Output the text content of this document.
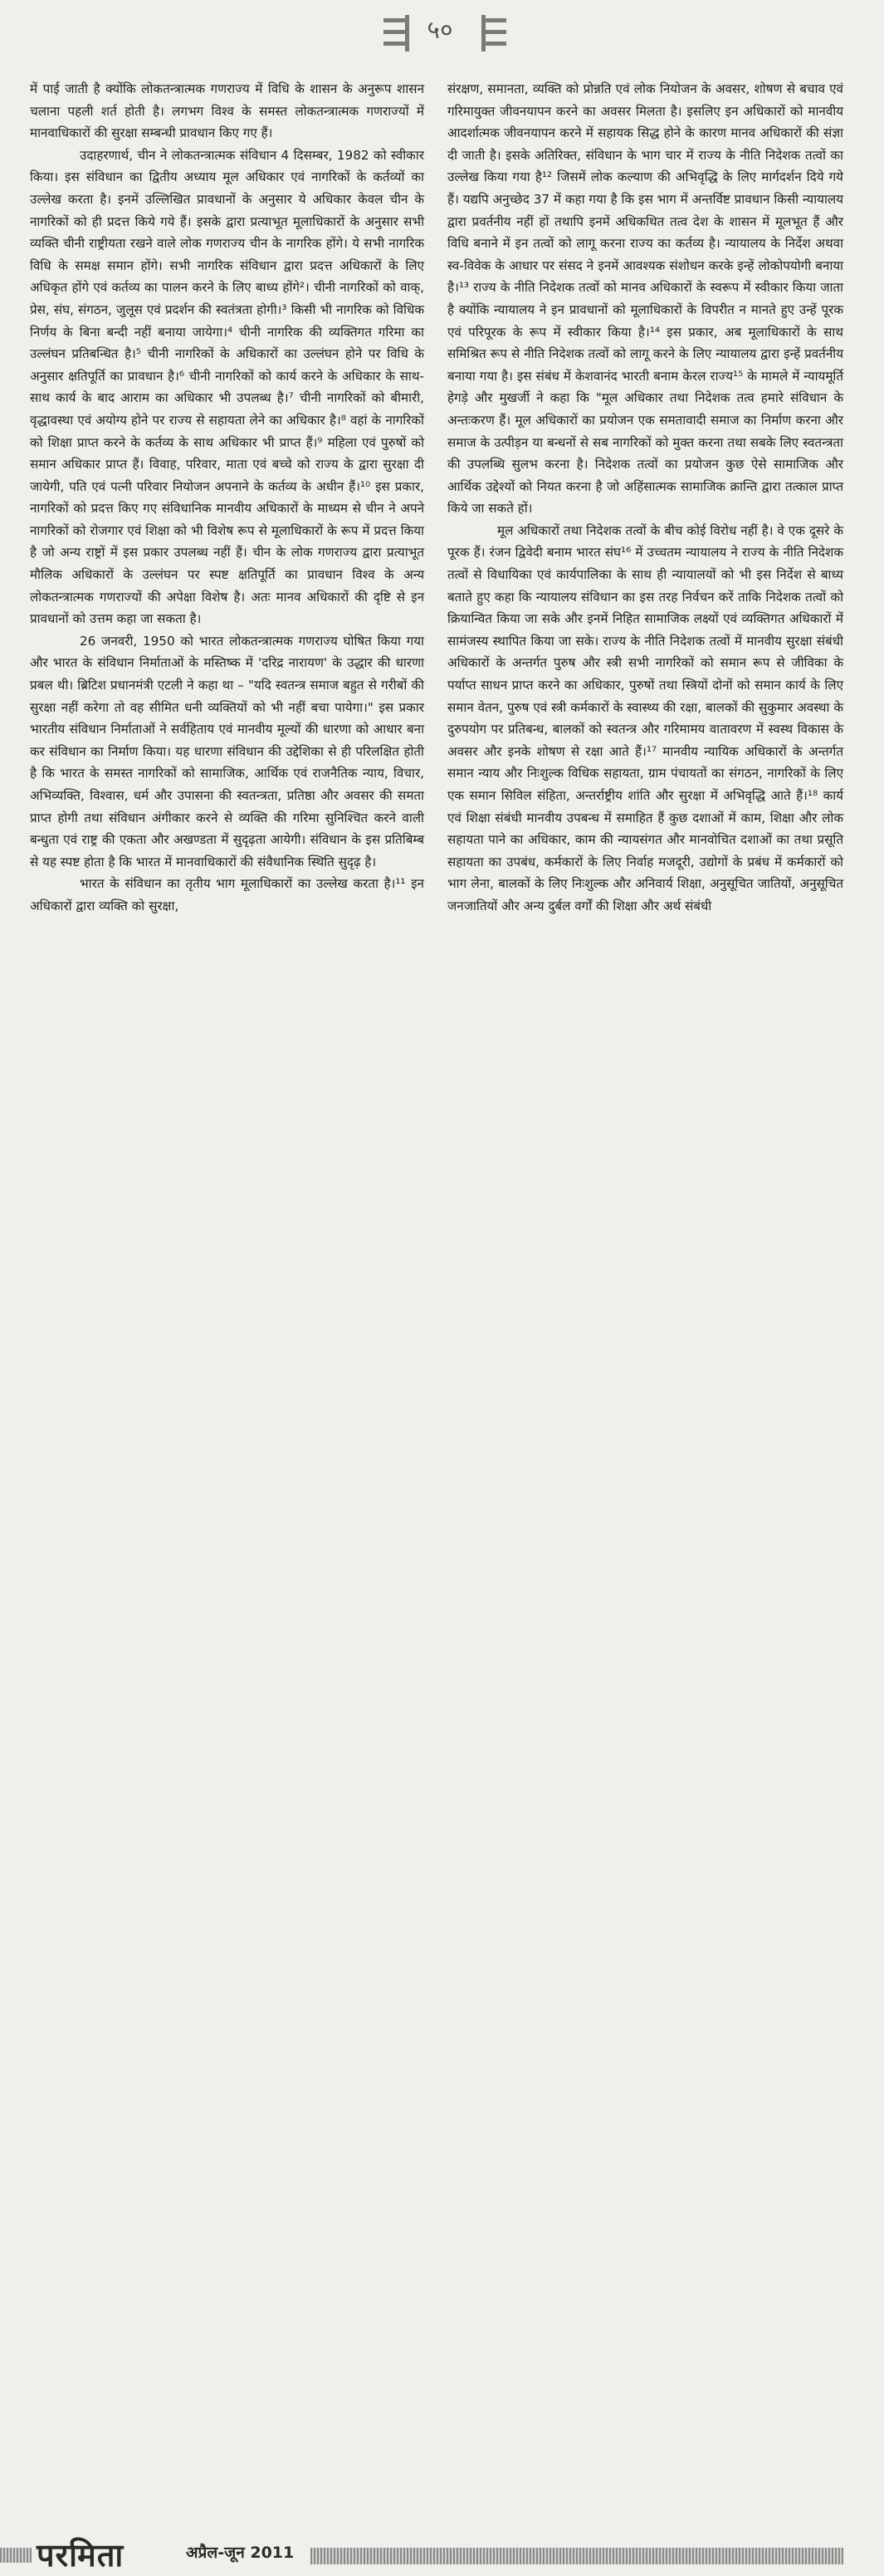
५०

में पाई जाती है क्योंकि लोकतन्त्रात्मक गणराज्य में विधि के शासन के अनुरूप शासन चलाना पहली शर्त होती है। लगभग विश्व के समस्त लोकतन्त्रात्मक गणराज्यों में मानवाधिकारों की सुरक्षा सम्बन्धी प्रावधान किए गए हैं।

उदाहरणार्थ, चीन ने लोकतन्त्रात्मक संविधान 4 दिसम्बर, 1982 को स्वीकार किया। इस संविधान का द्वितीय अध्याय मूल अधिकार एवं नागरिकों के कर्तव्यों का उल्लेख करता है। इनमें उल्लिखित प्रावधानों के अनुसार ये अधिकार केवल चीन के नागरिकों को ही प्रदत्त किये गये हैं। इसके द्वारा प्रत्याभूत मूलाधिकारों के अनुसार सभी व्यक्ति चीनी राष्ट्रीयता रखने वाले लोक गणराज्य चीन के नागरिक होंगे। ये सभी नागरिक विधि के समक्ष समान होंगे। सभी नागरिक संविधान द्वारा प्रदत्त अधिकारों के लिए अधिकृत होंगे एवं कर्तव्य का पालन करने के लिए बाध्य होंगे²। चीनी नागरिकों को वाक्, प्रेस, संघ, संगठन, जुलूस एवं प्रदर्शन की स्वतंत्रता होगी।³ किसी भी नागरिक को विधिक निर्णय के बिना बन्दी नहीं बनाया जायेगा।⁴ चीनी नागरिक की व्यक्तिगत गरिमा का उल्लंघन प्रतिबन्धित है।⁵ चीनी नागरिकों के अधिकारों का उल्लंघन होने पर विधि के अनुसार क्षतिपूर्ति का प्रावधान है।⁶ चीनी नागरिकों को कार्य करने के अधिकार के साथ-साथ कार्य के बाद आराम का अधिकार भी उपलब्ध है।⁷ चीनी नागरिकों को बीमारी, वृद्धावस्था एवं अयोग्य होने पर राज्य से सहायता लेने का अधिकार है।⁸ वहां के नागरिकों को शिक्षा प्राप्त करने के कर्तव्य के साथ अधिकार भी प्राप्त हैं।⁹ महिला एवं पुरुषों को समान अधिकार प्राप्त हैं। विवाह, परिवार, माता एवं बच्चे को राज्य के द्वारा सुरक्षा दी जायेगी, पति एवं पत्नी परिवार नियोजन अपनाने के कर्तव्य के अधीन हैं।¹⁰ इस प्रकार, नागरिकों को प्रदत्त किए गए संविधानिक मानवीय अधिकारों के माध्यम से चीन ने अपने नागरिकों को रोजगार एवं शिक्षा को भी विशेष रूप से मूलाधिकारों के रूप में प्रदत्त किया है जो अन्य राष्ट्रों में इस प्रकार उपलब्ध नहीं हैं। चीन के लोक गणराज्य द्वारा प्रत्याभूत मौलिक अधिकारों के उल्लंघन पर स्पष्ट क्षतिपूर्ति का प्रावधान विश्व के अन्य लोकतन्त्रात्मक गणराज्यों की अपेक्षा विशेष है। अतः मानव अधिकारों की दृष्टि से इन प्रावधानों को उत्तम कहा जा सकता है।

26 जनवरी, 1950 को भारत लोकतन्त्रात्मक गणराज्य घोषित किया गया और भारत के संविधान निर्माताओं के मस्तिष्क में 'दरिद्र नारायण' के उद्धार की धारणा प्रबल थी। ब्रिटिश प्रधानमंत्री एटली ने कहा था – "यदि स्वतन्त्र समाज बहुत से गरीबों की सुरक्षा नहीं करेगा तो वह सीमित धनी व्यक्तियों को भी नहीं बचा पायेगा।" इस प्रकार भारतीय संविधान निर्माताओं ने सर्वहिताय एवं मानवीय मूल्यों की धारणा को आधार बना कर संविधान का निर्माण किया। यह धारणा संविधान की उद्देशिका से ही परिलक्षित होती है कि भारत के समस्त नागरिकों को सामाजिक, आर्थिक एवं राजनैतिक न्याय, विचार, अभिव्यक्ति, विश्वास, धर्म और उपासना की स्वतन्त्रता, प्रतिष्ठा और अवसर की समता प्राप्त होगी तथा संविधान अंगीकार करने से व्यक्ति की गरिमा सुनिश्चित करने वाली बन्धुता एवं राष्ट्र की एकता और अखण्डता में सुदृढ़ता आयेगी। संविधान के इस प्रतिबिम्ब से यह स्पष्ट होता है कि भारत में मानवाधिकारों की संवैधानिक स्थिति सुदृढ़ है।

भारत के संविधान का तृतीय भाग मूलाधिकारों का उल्लेख करता है।¹¹ इन अधिकारों द्वारा व्यक्ति को सुरक्षा,

संरक्षण, समानता, व्यक्ति को प्रोन्नति एवं लोक नियोजन के अवसर, शोषण से बचाव एवं गरिमायुक्त जीवनयापन करने का अवसर मिलता है। इसलिए इन अधिकारों को मानवीय आदर्शात्मक जीवनयापन करने में सहायक सिद्ध होने के कारण मानव अधिकारों की संज्ञा दी जाती है। इसके अतिरिक्त, संविधान के भाग चार में राज्य के नीति निदेशक तत्वों का उल्लेख किया गया है¹² जिसमें लोक कल्याण की अभिवृद्धि के लिए मार्गदर्शन दिये गये हैं। यद्यपि अनुच्छेद 37 में कहा गया है कि इस भाग में अन्तर्विष्ट प्रावधान किसी न्यायालय द्वारा प्रवर्तनीय नहीं हों तथापि इनमें अधिकथित तत्व देश के शासन में मूलभूत हैं और विधि बनाने में इन तत्वों को लागू करना राज्य का कर्तव्य है। न्यायालय के निर्देश अथवा स्व-विवेक के आधार पर संसद ने इनमें आवश्यक संशोधन करके इन्हें लोकोपयोगी बनाया है।¹³ राज्य के नीति निदेशक तत्वों को मानव अधिकारों के स्वरूप में स्वीकार किया जाता है क्योंकि न्यायालय ने इन प्रावधानों को मूलाधिकारों के विपरीत न मानते हुए उन्हें पूरक एवं परिपूरक के रूप में स्वीकार किया है।¹⁴ इस प्रकार, अब मूलाधिकारों के साथ समिश्रित रूप से नीति निदेशक तत्वों को लागू करने के लिए न्यायालय द्वारा इन्हें प्रवर्तनीय बनाया गया है। इस संबंध में केशवानंद भारती बनाम केरल राज्य¹⁵ के मामले में न्यायमूर्ति हेगड़े और मुखर्जी ने कहा कि "मूल अधिकार तथा निदेशक तत्व हमारे संविधान के अन्तःकरण हैं। मूल अधिकारों का प्रयोजन एक समतावादी समाज का निर्माण करना और समाज के उत्पीड़न या बन्धनों से सब नागरिकों को मुक्त करना तथा सबके लिए स्वतन्त्रता की उपलब्धि सुलभ करना है। निदेशक तत्वों का प्रयोजन कुछ ऐसे सामाजिक और आर्थिक उद्देश्यों को नियत करना है जो अहिंसात्मक सामाजिक क्रान्ति द्वारा तत्काल प्राप्त किये जा सकते हों।

मूल अधिकारों तथा निदेशक तत्वों के बीच कोई विरोध नहीं है। वे एक दूसरे के पूरक हैं। रंजन द्विवेदी बनाम भारत संघ¹⁶ में उच्चतम न्यायालय ने राज्य के नीति निदेशक तत्वों से विधायिका एवं कार्यपालिका के साथ ही न्यायालयों को भी इस निर्देश से बाध्य बताते हुए कहा कि न्यायालय संविधान का इस तरह निर्वचन करें ताकि निदेशक तत्वों को क्रियान्वित किया जा सके और इनमें निहित सामाजिक लक्ष्यों एवं व्यक्तिगत अधिकारों में सामंजस्य स्थापित किया जा सके। राज्य के नीति निदेशक तत्वों में मानवीय सुरक्षा संबंधी अधिकारों के अन्तर्गत पुरुष और स्त्री सभी नागरिकों को समान रूप से जीविका के पर्याप्त साधन प्राप्त करने का अधिकार, पुरुषों तथा स्त्रियों दोनों को समान कार्य के लिए समान वेतन, पुरुष एवं स्त्री कर्मकारों के स्वास्थ्य की रक्षा, बालकों की सुकुमार अवस्था के दुरुपयोग पर प्रतिबन्ध, बालकों को स्वतन्त्र और गरिमामय वातावरण में स्वस्थ विकास के अवसर और इनके शोषण से रक्षा आते हैं।¹⁷ मानवीय न्यायिक अधिकारों के अन्तर्गत समान न्याय और निःशुल्क विधिक सहायता, ग्राम पंचायतों का संगठन, नागरिकों के लिए एक समान सिविल संहिता, अन्तर्राष्ट्रीय शांति और सुरक्षा में अभिवृद्धि आते हैं।¹⁸ कार्य एवं शिक्षा संबंधी मानवीय उपबन्ध में समाहित हैं कुछ दशाओं में काम, शिक्षा और लोक सहायता पाने का अधिकार, काम की न्यायसंगत और मानवोचित दशाओं का तथा प्रसूति सहायता का उपबंध, कर्मकारों के लिए निर्वाह मजदूरी, उद्योगों के प्रबंध में कर्मकारों को भाग लेना, बालकों के लिए निःशुल्क और अनिवार्य शिक्षा, अनुसूचित जातियों, अनुसूचित जनजातियों और अन्य दुर्बल वर्गों की शिक्षा और अर्थ संबंधी

परमिता	अप्रैल-जून 2011
